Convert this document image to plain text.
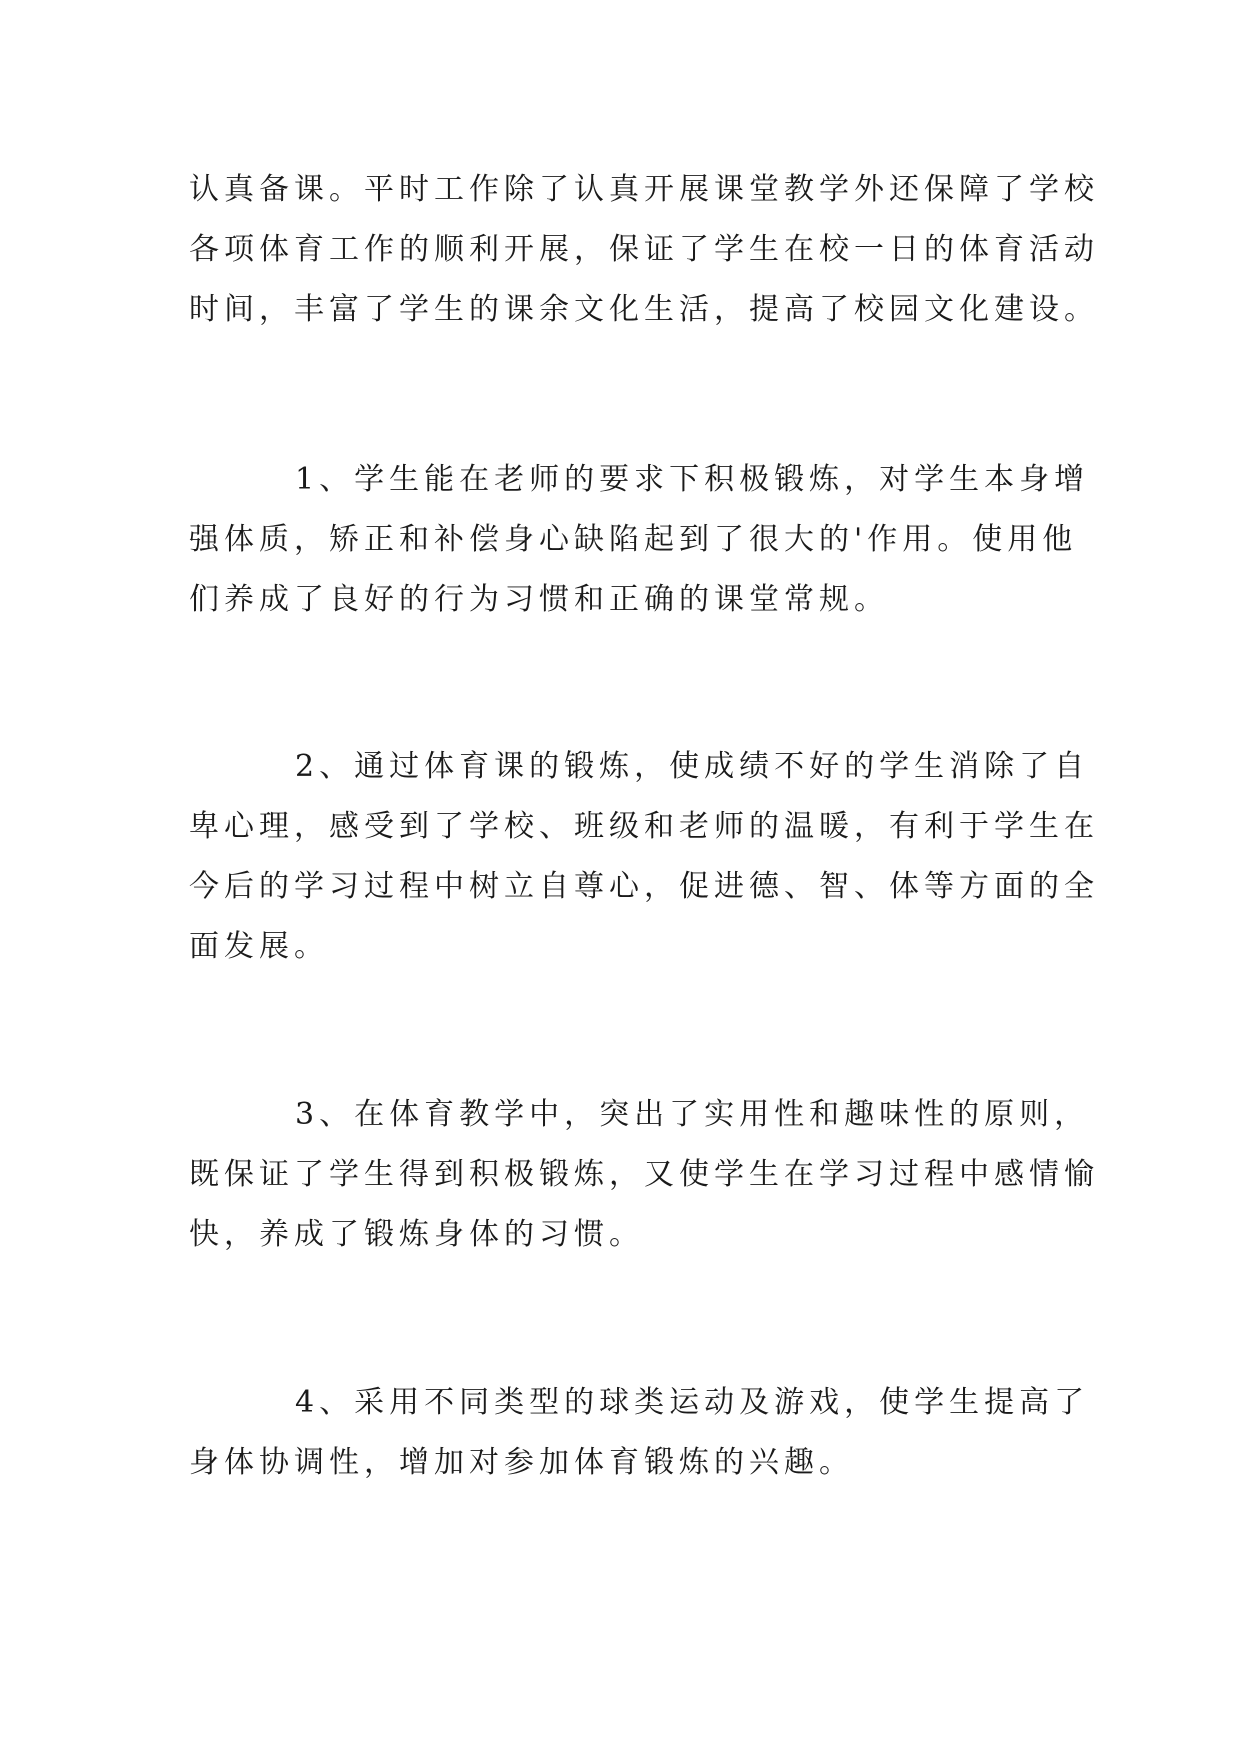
认真备课。平时工作除了认真开展课堂教学外还保障了学校
各项体育工作的顺利开展，保证了学生在校一日的体育活动
时间，丰富了学生的课余文化生活，提高了校园文化建设。
1、学生能在老师的要求下积极锻炼，对学生本身增
强体质，矫正和补偿身心缺陷起到了很大的'作用。使用他
们养成了良好的行为习惯和正确的课堂常规。
2、通过体育课的锻炼，使成绩不好的学生消除了自
卑心理，感受到了学校、班级和老师的温暖，有利于学生在
今后的学习过程中树立自尊心，促进德、智、体等方面的全
面发展。
3、在体育教学中，突出了实用性和趣味性的原则，
既保证了学生得到积极锻炼，又使学生在学习过程中感情愉
快，养成了锻炼身体的习惯。
4、采用不同类型的球类运动及游戏，使学生提高了
身体协调性，增加对参加体育锻炼的兴趣。
